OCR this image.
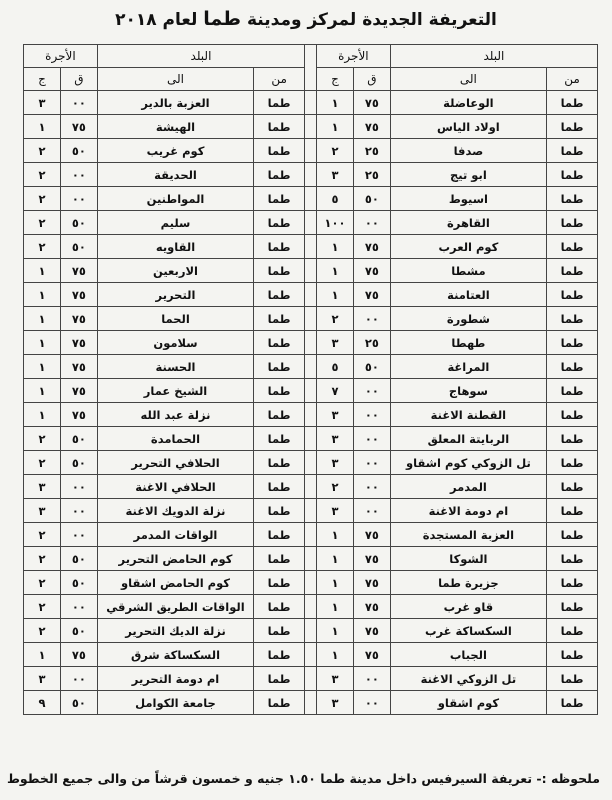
التعريفة الجديدة لمركز ومدينة طما لعام ٢٠١٨
البلد		الأجرة			البلد		الأجرة	
من	الى	ق	ج		من	الى	ق	ج
طما	الوعاضلة	٧٥	١		طما	العزبة بالدير	٠٠	٣
طما	اولاد الياس	٧٥	١		طما	الهيشة	٧٥	١
طما	صدفا	٢٥	٢		طما	كوم غريب	٥٠	٢
طما	ابو تيج	٢٥	٣		طما	الحديقة	٠٠	٢
طما	اسيوط	٥٠	٥		طما	المواطنين	٠٠	٢
طما	القاهرة	٠٠	١٠٠		طما	سليم	٥٠	٢
طما	كوم العرب	٧٥	١		طما	القاويه	٥٠	٢
طما	مشطا	٧٥	١		طما	الاربعين	٧٥	١
طما	العتامنة	٧٥	١		طما	التحرير	٧٥	١
طما	شطورة	٠٠	٢		طما	الحما	٧٥	١
طما	طهطا	٢٥	٣		طما	سلامون	٧٥	١
طما	المراغة	٥٠	٥		طما	الحسنة	٧٥	١
طما	سوهاج	٠٠	٧		طما	الشيخ عمار	٧٥	١
طما	القطنة الاغنة	٠٠	٣		طما	نزلة عبد الله	٧٥	١
طما	الربايتة المعلق	٠٠	٣		طما	الحمامدة	٥٠	٢
طما	تل الزوكي كوم اشقاو	٠٠	٣		طما	الحلافي التحرير	٥٠	٢
طما	المدمر	٠٠	٢		طما	الحلافي الاغنة	٠٠	٣
طما	ام دومة الاغنة	٠٠	٣		طما	نزلة الدويك الاغنة	٠٠	٣
طما	العزبة المستجدة	٧٥	١		طما	الواقات المدمر	٠٠	٢
طما	الشوكا	٧٥	١		طما	كوم الحامض التحرير	٥٠	٢
طما	جزيرة طما	٧٥	١		طما	كوم الحامض اشقاو	٥٠	٢
طما	قاو غرب	٧٥	١		طما	الواقات الطريق الشرقي	٠٠	٢
طما	السكساكة غرب	٧٥	١		طما	نزلة الديك التحرير	٥٠	٢
طما	الجباب	٧٥	١		طما	السكساكة شرق	٧٥	١
طما	تل الزوكي الاغنة	٠٠	٣		طما	ام دومة التحرير	٠٠	٣
طما	كوم اشقاو	٠٠	٣		طما	جامعة الكوامل	٥٠	٩
ملحوظه :- تعريفة السيرفيس داخل مدينة طما ١.٥٠ جنيه و خمسون قرشاً من والى جميع الخطوط
